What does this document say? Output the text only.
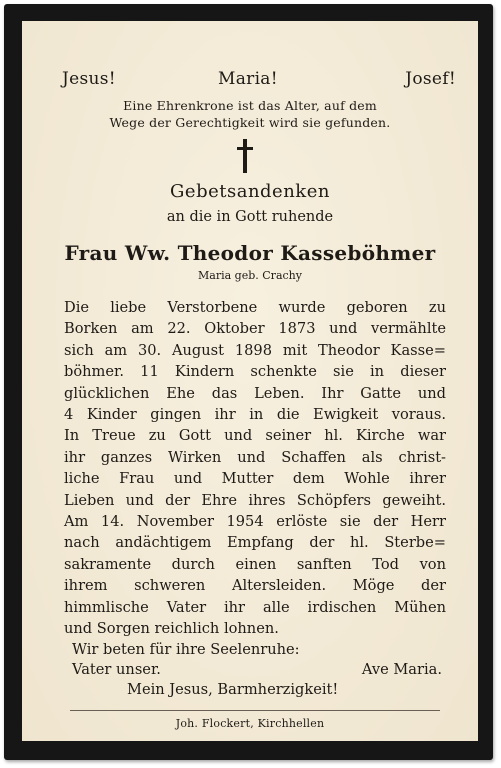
Jesus!	Maria!	Josef!
Eine Ehrenkrone ist das Alter, auf dem
Wege der Gerechtigkeit wird sie gefunden.
Gebetsandenken
an die in Gott ruhende
Frau Ww. Theodor Kasseböhmer
Maria geb. Crachy
Die liebe Verstorbene wurde geboren zu
Borken am 22. Oktober 1873 und vermählte
sich am 30. August 1898 mit Theodor Kasse=
böhmer. 11 Kindern schenkte sie in dieser
glücklichen Ehe das Leben. Ihr Gatte und
4 Kinder gingen ihr in die Ewigkeit voraus.
In Treue zu Gott und seiner hl. Kirche war
ihr ganzes Wirken und Schaffen als christ-
liche Frau und Mutter dem Wohle ihrer
Lieben und der Ehre ihres Schöpfers geweiht.
Am 14. November 1954 erlöste sie der Herr
nach andächtigem Empfang der hl. Sterbe=
sakramente durch einen sanften Tod von
ihrem schweren Altersleiden. Möge der
himmlische Vater ihr alle irdischen Mühen
und Sorgen reichlich lohnen.
Wir beten für ihre Seelenruhe:
Vater unser.	Ave Maria.
Mein Jesus, Barmherzigkeit!
Joh. Flockert, Kirchhellen
